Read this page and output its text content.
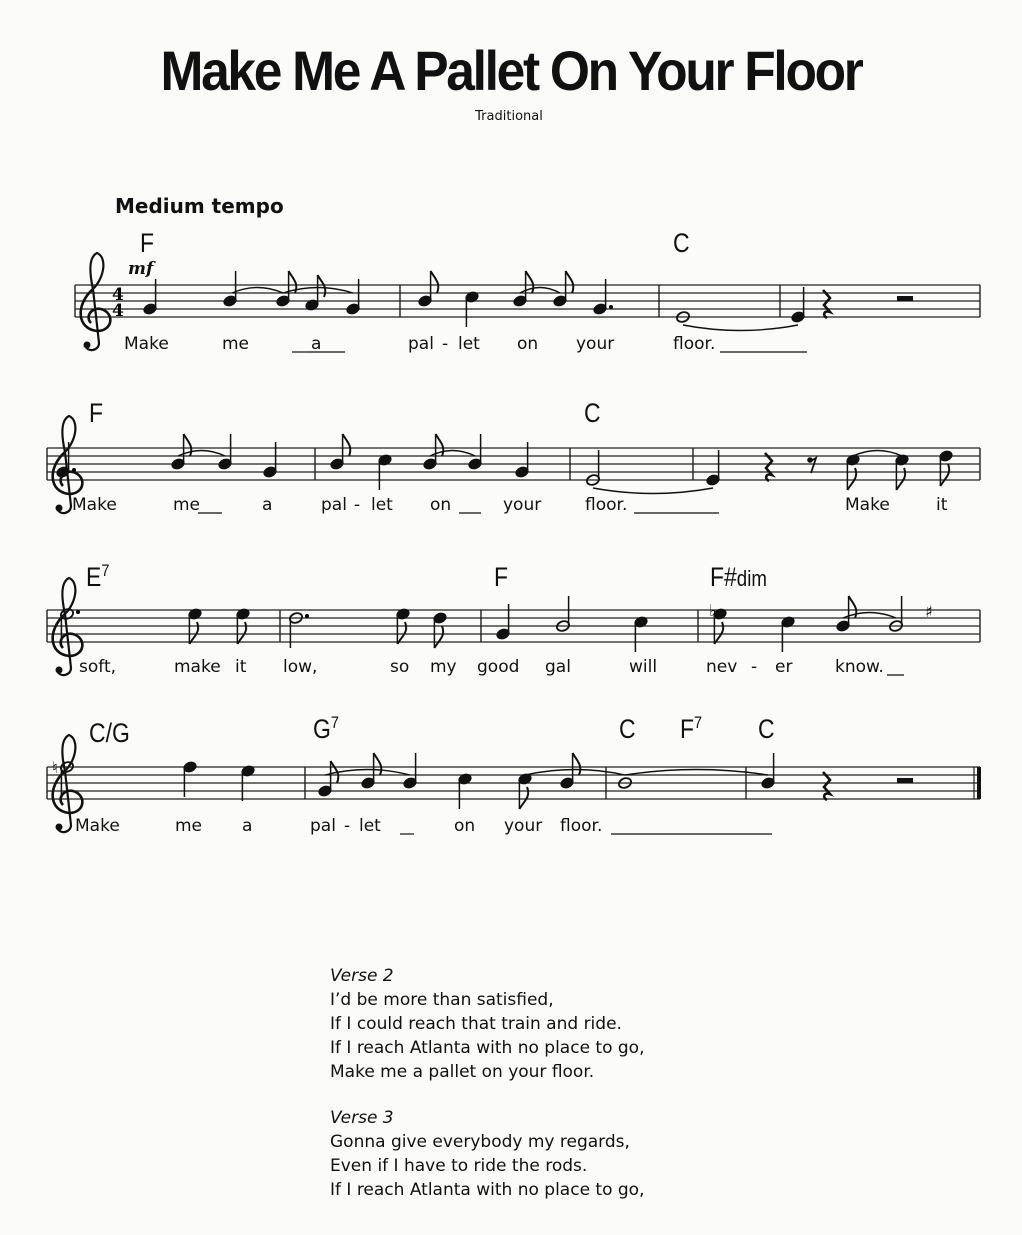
Make Me A Pallet On Your Floor
Traditional
Medium tempo
mf
F	C
F	C
$E^7$	F	F#dim
C/G	$G^7$	C $F^7$ C
Make	me	a	pal - let on your	floor.
Make	me	a	pal - let on	your	floor.	Make	it
soft,	make it low,	so my good gal	will	nev - er	know.
Make	me a	pal - let	on your floor.
Verse 2
I’d be more than satisfied,
If I could reach that train and ride.
If I reach Atlanta with no place to go,
Make me a pallet on your floor.
Verse 3
Gonna give everybody my regards,
Even if I have to ride the rods.
If I reach Atlanta with no place to go,
4
4
♯
♭
♮
